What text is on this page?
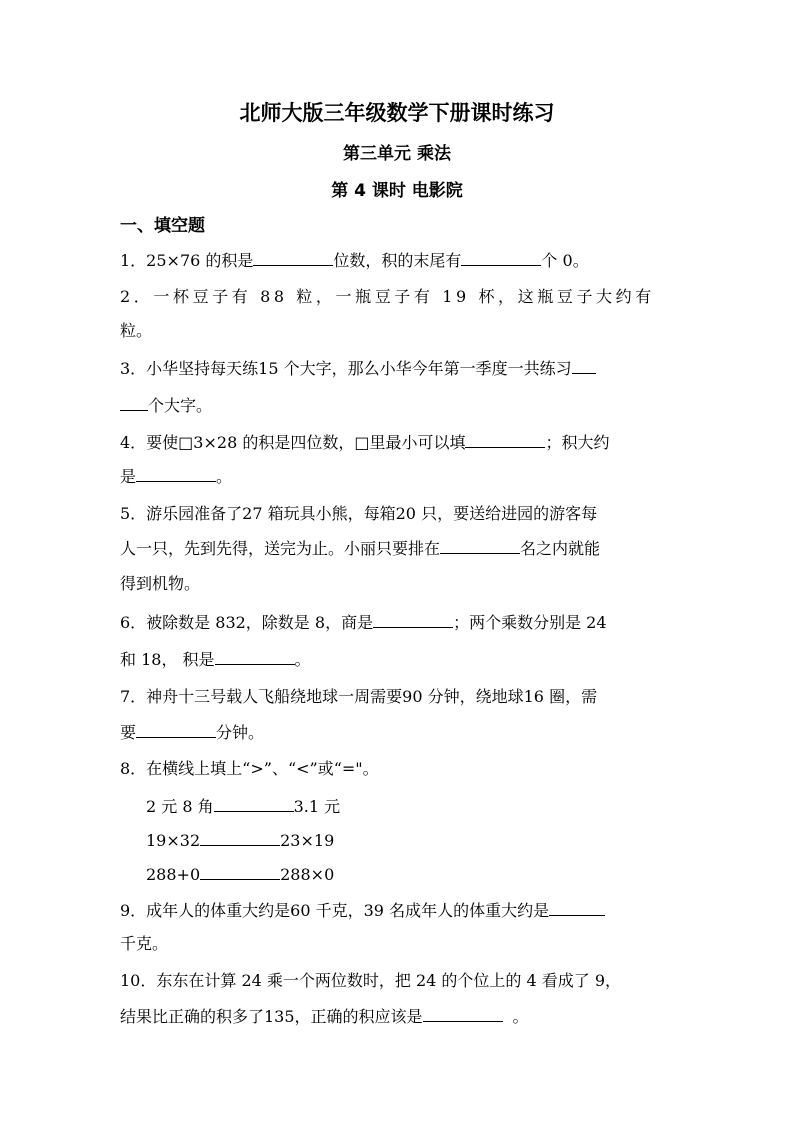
北师大版三年级数学下册课时练习
第三单元 乘法
第 4 课时 电影院
一、填空题
1．25×76 的积是	位数，积的末尾有	个 0。
2．一杯豆子有 88 粒，一瓶豆子有 19 杯，这瓶豆子大约有
粒。
3．小华坚持每天练15 个大字，那么小华今年第一季度一共练习
个大字。
4．要使□3×28 的积是四位数，□里最小可以填	；积大约
是	。
5．游乐园准备了27 箱玩具小熊，每箱20 只，要送给进园的游客每
人一只，先到先得，送完为止。小丽只要排在	名之内就能
得到机物。
6．被除数是 832，除数是 8，商是	；两个乘数分别是 24
和 18， 积是	。
7．神舟十三号载人飞船绕地球一周需要90 分钟，绕地球16 圈，需
要	分钟。
8．在横线上填上“>”、“<”或“="。
2 元 8 角	3.1 元
19×32	23×19
288+0	288×0
9．成年人的体重大约是60 千克，39 名成年人的体重大约是
千克。
10．东东在计算 24 乘一个两位数时，把 24 的个位上的 4 看成了 9，
结果比正确的积多了135，正确的积应该是	。
